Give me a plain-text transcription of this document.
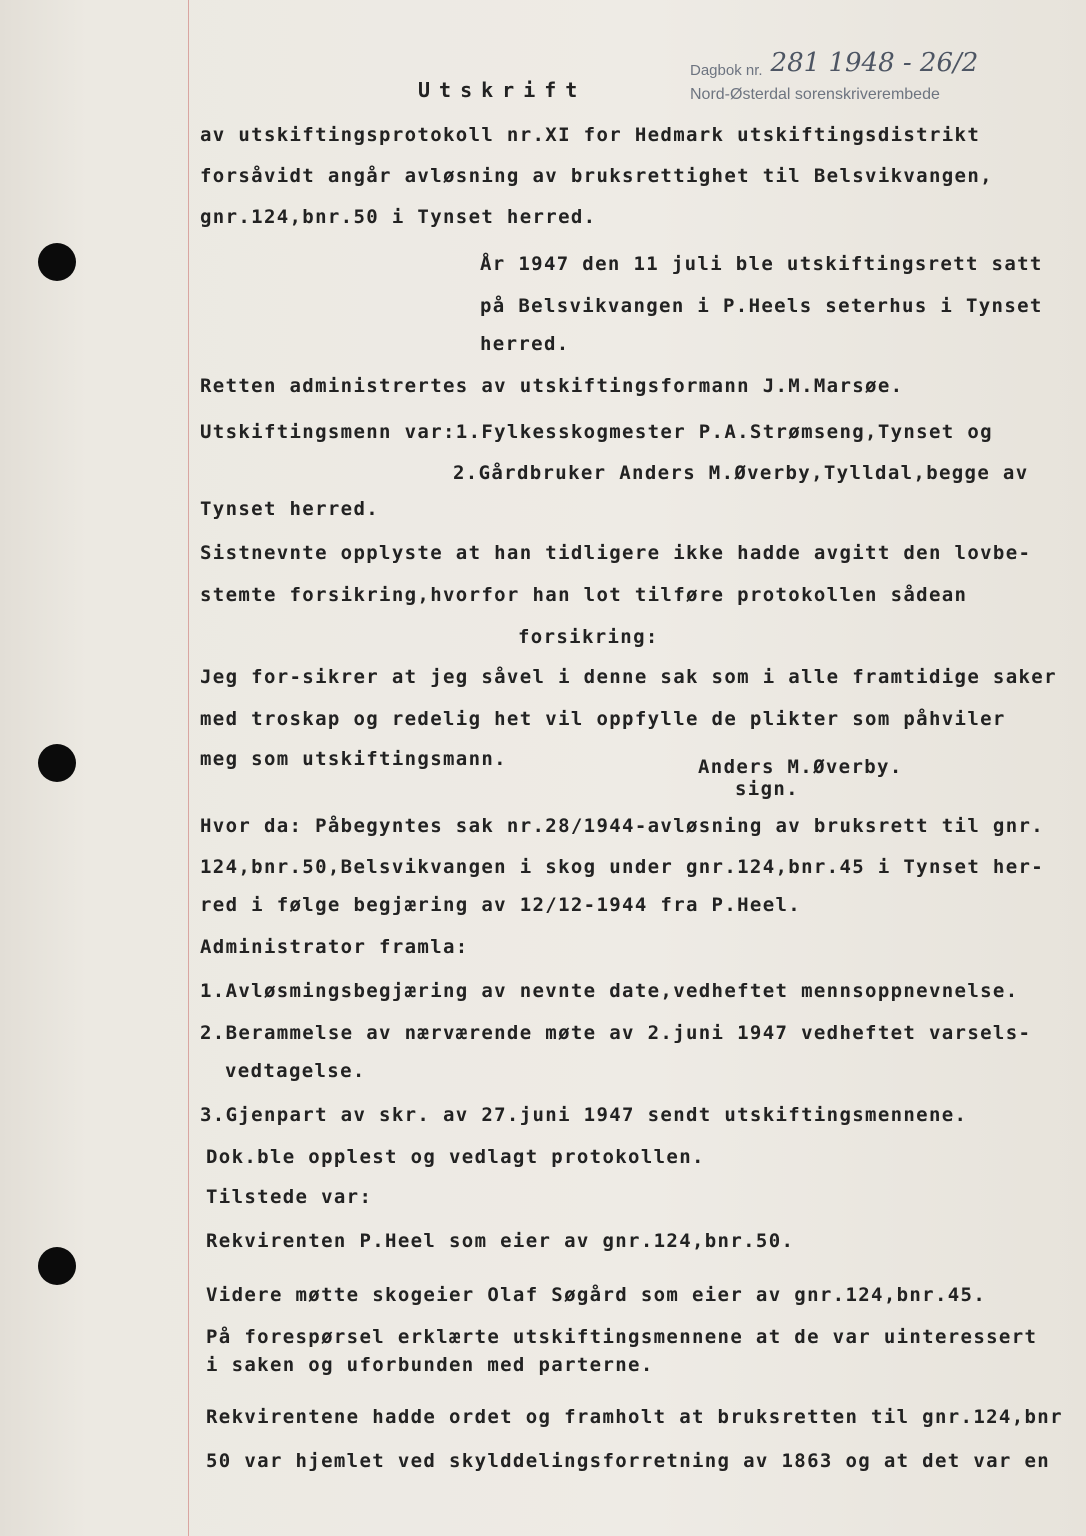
Dagbok nr. 281 1948 - 26/2
Nord-Østerdal sorenskriverembede
Utskrift
av utskiftingsprotokoll nr.XI for Hedmark utskiftingsdistrikt
forsåvidt angår avløsning av bruksrettighet til Belsvikvangen,
gnr.124,bnr.50 i Tynset herred.
År 1947 den 11 juli ble utskiftingsrett satt
på Belsvikvangen i P.Heels seterhus i Tynset
herred.
Retten administrertes av utskiftingsformann J.M.Marsøe.
Utskiftingsmenn var:1.Fylkesskogmester P.A.Strømseng,Tynset og
2.Gårdbruker Anders M.Øverby,Tylldal,begge av
Tynset herred.
Sistnevnte opplyste at han tidligere ikke hadde avgitt den lovbe-
stemte forsikring,hvorfor han lot tilføre protokollen sådean
forsikring:
Jeg for-sikrer at jeg såvel i denne sak som i alle framtidige saker
med troskap og redelig het vil oppfylle de plikter som påhviler
meg som utskiftingsmann.	Anders M.Øverby.
sign.
Hvor da: Påbegyntes sak nr.28/1944-avløsning av bruksrett til gnr.
124,bnr.50,Belsvikvangen i skog under gnr.124,bnr.45 i Tynset her-
red i følge begjæring av 12/12-1944 fra P.Heel.
Administrator framla:
1.Avløsmingsbegjæring av nevnte date,vedheftet mennsoppnevnelse.
2.Berammelse av nærværende møte av 2.juni 1947 vedheftet varsels-
vedtagelse.
3.Gjenpart av skr. av 27.juni 1947 sendt utskiftingsmennene.
Dok.ble opplest og vedlagt protokollen.
Tilstede var:
Rekvirenten P.Heel som eier av gnr.124,bnr.50.
Videre møtte skogeier Olaf Søgård som eier av gnr.124,bnr.45.
På forespørsel erklærte utskiftingsmennene at de var uinteressert
i saken og uforbunden med parterne.
Rekvirentene hadde ordet og framholt at bruksretten til gnr.124,bnr
50 var hjemlet ved skylddelingsforretning av 1863 og at det var en
